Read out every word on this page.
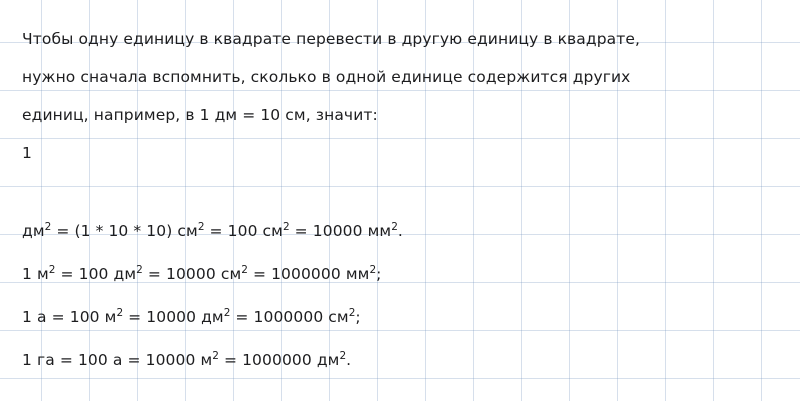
Чтобы одну единицу в квадрате перевести в другую единицу в квадрате,
нужно сначала вспомнить, сколько в одной единице содержится других
единиц, например, в 1 дм = 10 см, значит:
1
$дм^2 = (1 * 10 * 10) см^2 = 100$ $см^2 = 10000$ $мм^2$.
1 $м^2 = 100$ $дм^2 = 10000$ $см^2 = 1000000$ $мм^2$;
1 а = 100 $м^2 = 10000$ $дм^2 = 1000000$ $см^2$;
1 га = 100 а = 10000 $м^2 = 1000000$ $дм^2$.
